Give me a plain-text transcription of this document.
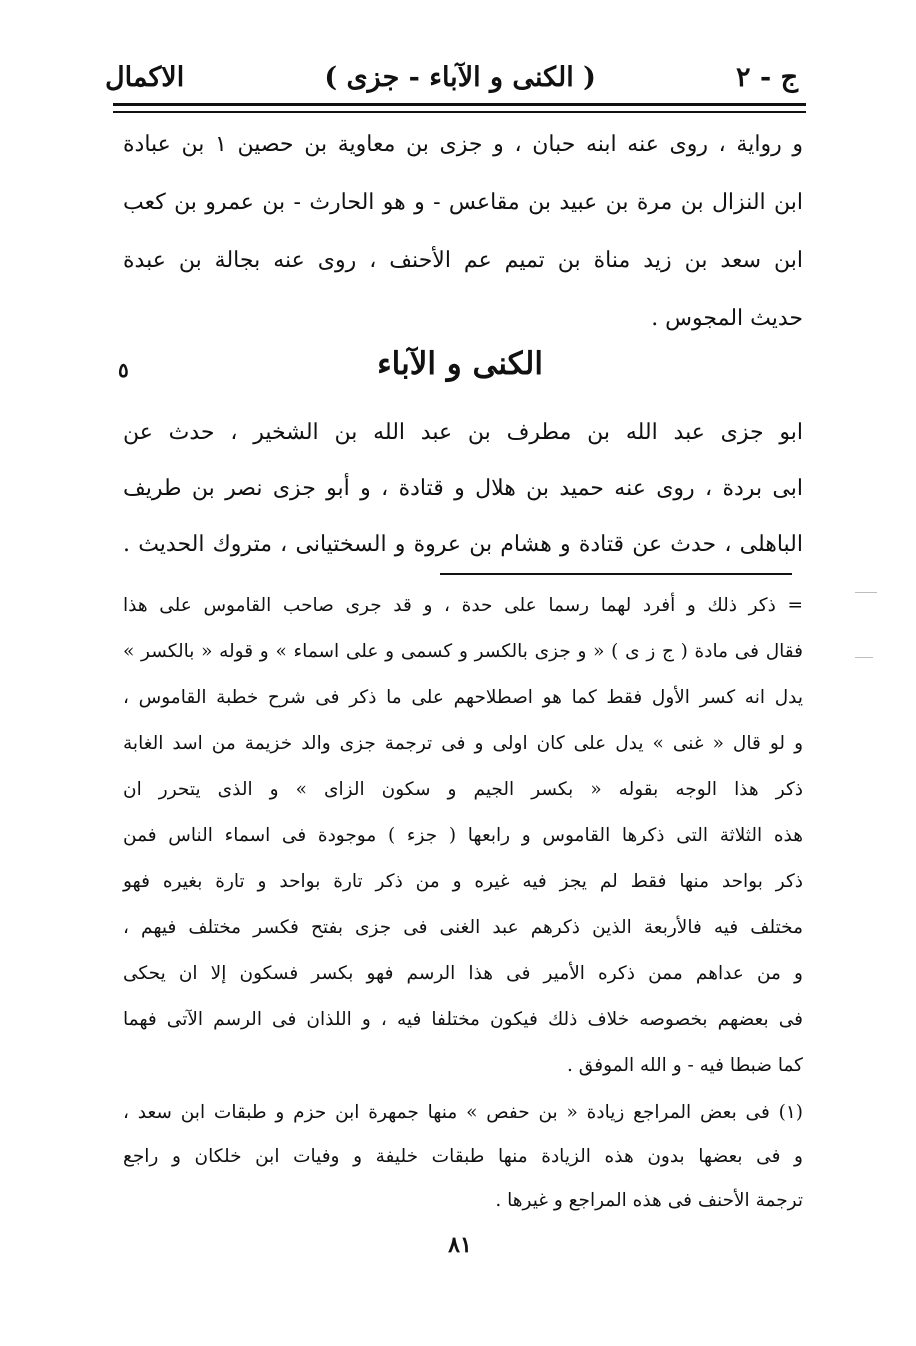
ج - ٢
( الكنى و الآباء - جزى )
الاكمال
و رواية ، روى عنه ابنه حبان ، و جزى بن معاوية بن حصين ١ بن عبادة
ابن النزال بن مرة بن عبيد بن مقاعس - و هو الحارث - بن عمرو بن كعب
ابن سعد بن زيد مناة بن تميم عم الأحنف ، روى عنه بجالة بن عبدة
حديث المجوس .
الكنى و الآباء
٥
ابو جزى عبد الله بن مطرف بن عبد الله بن الشخير ، حدث عن
ابى بردة ، روى عنه حميد بن هلال و قتادة ، و أبو جزى نصر بن طريف
الباهلى ، حدث عن قتادة و هشام بن عروة و السختيانى ، متروك الحديث .
= ذكر ذلك و أفرد لهما رسما على حدة ، و قد جرى صاحب القاموس على هذا
فقال فى مادة ( ج ز ى ) « و جزى بالكسر و كسمى و على اسماء » و قوله « بالكسر »
يدل انه كسر الأول فقط كما هو اصطلاحهم على ما ذكر فى شرح خطبة القاموس ،
و لو قال « غنى » يدل على كان اولى و فى ترجمة جزى والد خزيمة من اسد الغابة
ذكر هذا الوجه بقوله « بكسر الجيم و سكون الزاى » و الذى يتحرر ان
هذه الثلاثة التى ذكرها القاموس و رابعها ( جزء ) موجودة فى اسماء الناس فمن
ذكر بواحد منها فقط لم يجز فيه غيره و من ذكر تارة بواحد و تارة بغيره فهو
مختلف فيه فالأربعة الذين ذكرهم عبد الغنى فى جزى بفتح فكسر مختلف فيهم ،
و من عداهم ممن ذكره الأمير فى هذا الرسم فهو بكسر فسكون إلا ان يحكى
فى بعضهم بخصوصه خلاف ذلك فيكون مختلفا فيه ، و اللذان فى الرسم الآتى فهما
كما ضبطا فيه - و الله الموفق .
(١) فى بعض المراجع زيادة « بن حفص » منها جمهرة ابن حزم و طبقات ابن سعد ،
و فى بعضها بدون هذه الزيادة منها طبقات خليفة و وفيات ابن خلكان و راجع
ترجمة الأحنف فى هذه المراجع و غيرها .
٨١
